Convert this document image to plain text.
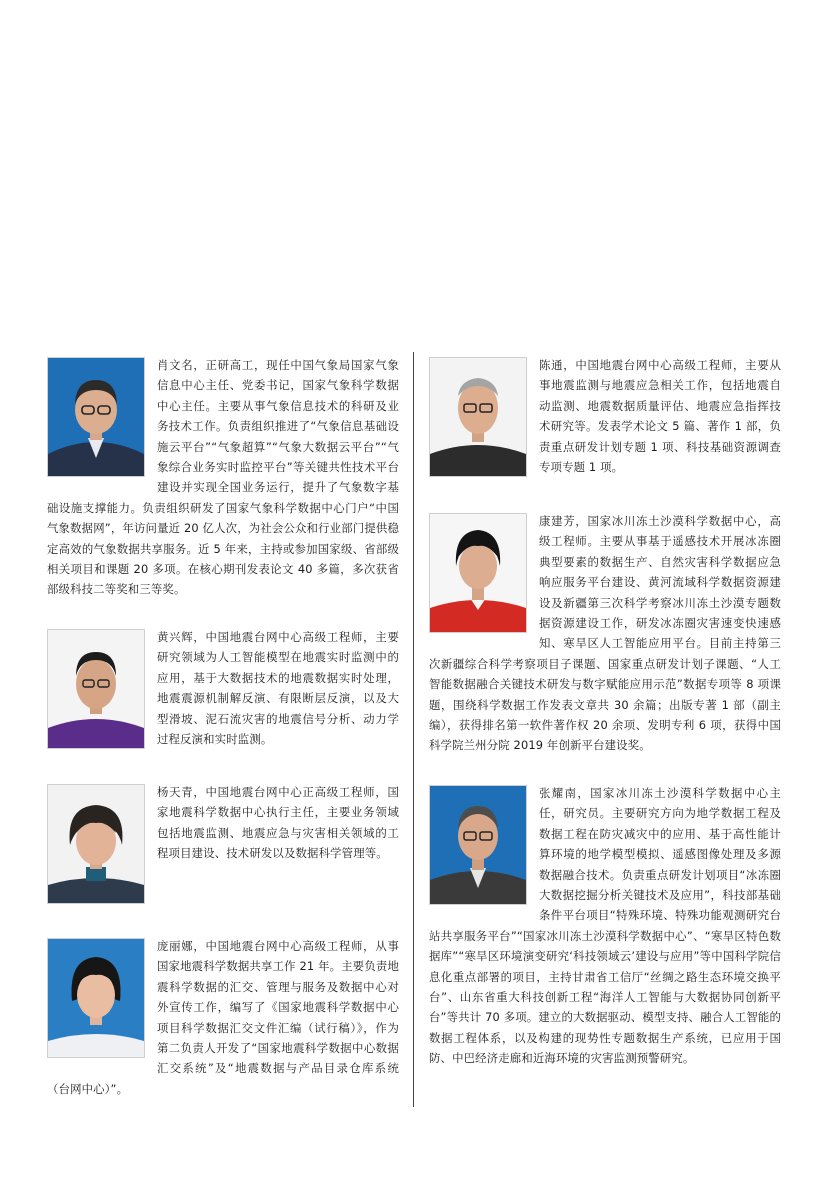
肖文名，正研高工，现任中国气象局国家气象信息中心主任、党委书记，国家气象科学数据中心主任。主要从事气象信息技术的科研及业务技术工作。负责组织推进了“气象信息基础设施云平台”“气象超算”“气象大数据云平台”“气象综合业务实时监控平台”等关键共性技术平台建设并实现全国业务运行，提升了气象数字基础设施支撑能力。负责组织研发了国家气象科学数据中心门户“中国气象数据网”，年访问量近 20 亿人次，为社会公众和行业部门提供稳定高效的气象数据共享服务。近 5 年来，主持或参加国家级、省部级相关项目和课题 20 多项。在核心期刊发表论文 40 多篇，多次获省部级科技二等奖和三等奖。

黄兴辉，中国地震台网中心高级工程师，主要研究领域为人工智能模型在地震实时监测中的应用，基于大数据技术的地震数据实时处理，地震震源机制解反演、有限断层反演，以及大型滑坡、泥石流灾害的地震信号分析、动力学过程反演和实时监测。

杨天青，中国地震台网中心正高级工程师，国家地震科学数据中心执行主任，主要业务领域包括地震监测、地震应急与灾害相关领域的工程项目建设、技术研发以及数据科学管理等。

庞丽娜，中国地震台网中心高级工程师，从事国家地震科学数据共享工作 21 年。主要负责地震科学数据的汇交、管理与服务及数据中心对外宣传工作，编写了《国家地震科学数据中心项目科学数据汇交文件汇编（试行稿）》，作为第二负责人开发了“国家地震科学数据中心数据汇交系统”及“地震数据与产品目录仓库系统（台网中心）”。

陈通，中国地震台网中心高级工程师，主要从事地震监测与地震应急相关工作，包括地震自动监测、地震数据质量评估、地震应急指挥技术研究等。发表学术论文 5 篇、著作 1 部，负责重点研发计划专题 1 项、科技基础资源调查专项专题 1 项。

康建芳，国家冰川冻土沙漠科学数据中心，高级工程师。主要从事基于遥感技术开展冰冻圈典型要素的数据生产、自然灾害科学数据应急响应服务平台建设、黄河流域科学数据资源建设及新疆第三次科学考察冰川冻土沙漠专题数据资源建设工作，研发冰冻圈灾害速变快速感知、寒旱区人工智能应用平台。目前主持第三次新疆综合科学考察项目子课题、国家重点研发计划子课题、“人工智能数据融合关键技术研发与数字赋能应用示范”数据专项等 8 项课题，围绕科学数据工作发表文章共 30 余篇；出版专著 1 部（副主编），获得排名第一软件著作权 20 余项、发明专利 6 项，获得中国科学院兰州分院 2019 年创新平台建设奖。

张耀南，国家冰川冻土沙漠科学数据中心主任，研究员。主要研究方向为地学数据工程及数据工程在防灾减灾中的应用、基于高性能计算环境的地学模型模拟、遥感图像处理及多源数据融合技术。负责重点研发计划项目“冰冻圈大数据挖掘分析关键技术及应用”，科技部基础条件平台项目“特殊环境、特殊功能观测研究台站共享服务平台”“国家冰川冻土沙漠科学数据中心”、“寒旱区特色数据库”“寒旱区环境演变研究‘科技领域云’建设与应用”等中国科学院信息化重点部署的项目，主持甘肃省工信厅“丝绸之路生态环境交换平台”、山东省重大科技创新工程“海洋人工智能与大数据协同创新平台”等共计 70 多项。建立的大数据驱动、模型支持、融合人工智能的数据工程体系，以及构建的现势性专题数据生产系统，已应用于国防、中巴经济走廊和近海环境的灾害监测预警研究。
